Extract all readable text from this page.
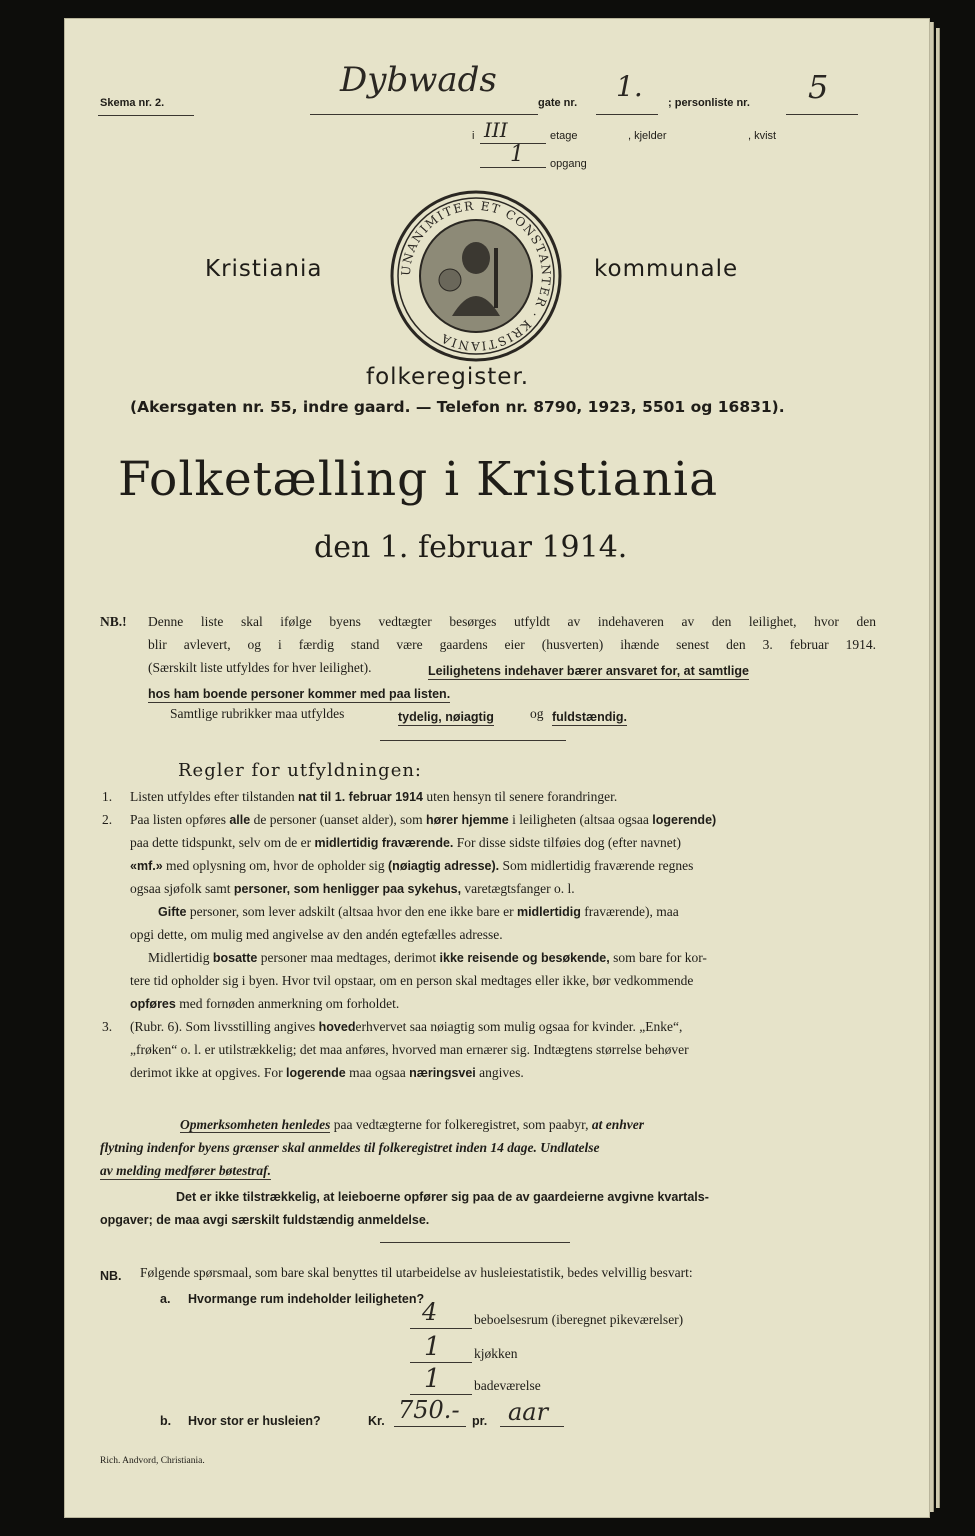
Skema nr. 2.
Dybwads
gate nr. 1. ; personliste nr. 5
i III	etage	, kjelder	, kvist
1 opgang
Kristiania	kommunale
UNANIMITER ET CONSTANTER · KRISTIANIA
folkeregister.
(Akersgaten nr. 55, indre gaard. — Telefon nr. 8790, 1923, 5501 og 16831).
Folketælling i Kristiania
den 1. februar 1914.
NB.! Denne liste skal ifølge byens vedtægter besørges utfyldt av indehaveren av den leilighet, hvor den
blir avlevert, og i færdig stand være gaardens eier (husverten) ihænde senest den 3. februar 1914.
(Særskilt liste utfyldes for hver leilighet).	Leilighetens indehaver bærer ansvaret for, at samtlige
hos ham boende personer kommer med paa listen.
Samtlige rubrikker maa utfyldes	tydelig, nøiagtig	og fuldstændig.
Regler for utfyldningen:
1. Listen utfyldes efter tilstanden nat til 1. februar 1914 uten hensyn til senere forandringer.
2. Paa listen opføres alle de personer (uanset alder), som hører hjemme i leiligheten (altsaa ogsaa logerende)
paa dette tidspunkt, selv om de er midlertidig fraværende. For disse sidste tilføies dog (efter navnet)
«mf.» med oplysning om, hvor de opholder sig (nøiagtig adresse). Som midlertidig fraværende regnes
ogsaa sjøfolk samt personer, som henligger paa sykehus, varetægtsfanger o. l.
Gifte personer, som lever adskilt (altsaa hvor den ene ikke bare er midlertidig fraværende), maa
opgi dette, om mulig med angivelse av den andén egtefælles adresse.
Midlertidig bosatte personer maa medtages, derimot ikke reisende og besøkende, som bare for kor-
tere tid opholder sig i byen. Hvor tvil opstaar, om en person skal medtages eller ikke, bør vedkommende
opføres med fornøden anmerkning om forholdet.
3. (Rubr. 6). Som livsstilling angives hovederhvervet saa nøiagtig som mulig ogsaa for kvinder. „Enke“,
„frøken“ o. l. er utilstrækkelig; det maa anføres, hvorved man ernærer sig. Indtægtens størrelse behøver
derimot ikke at opgives. For logerende maa ogsaa næringsvei angives.
Opmerksomheten henledes paa vedtægterne for folkeregistret, som paabyr, at enhver
flytning indenfor byens grænser skal anmeldes til folkeregistret inden 14 dage. Undlatelse
av melding medfører bøtestraf.
Det er ikke tilstrækkelig, at leieboerne opfører sig paa de av gaardeierne avgivne kvartals-
opgaver; de maa avgi særskilt fuldstændig anmeldelse.
NB. Følgende spørsmaal, som bare skal benyttes til utarbeidelse av husleiestatistik, bedes velvillig besvart:
a. Hvormange rum indeholder leiligheten?
4	beboelsesrum (iberegnet pikeværelser)
1 kjøkken
1 badeværelse
b. Hvor stor er husleien?	Kr. 750.- pr. aar
Rich. Andvord, Christiania.
